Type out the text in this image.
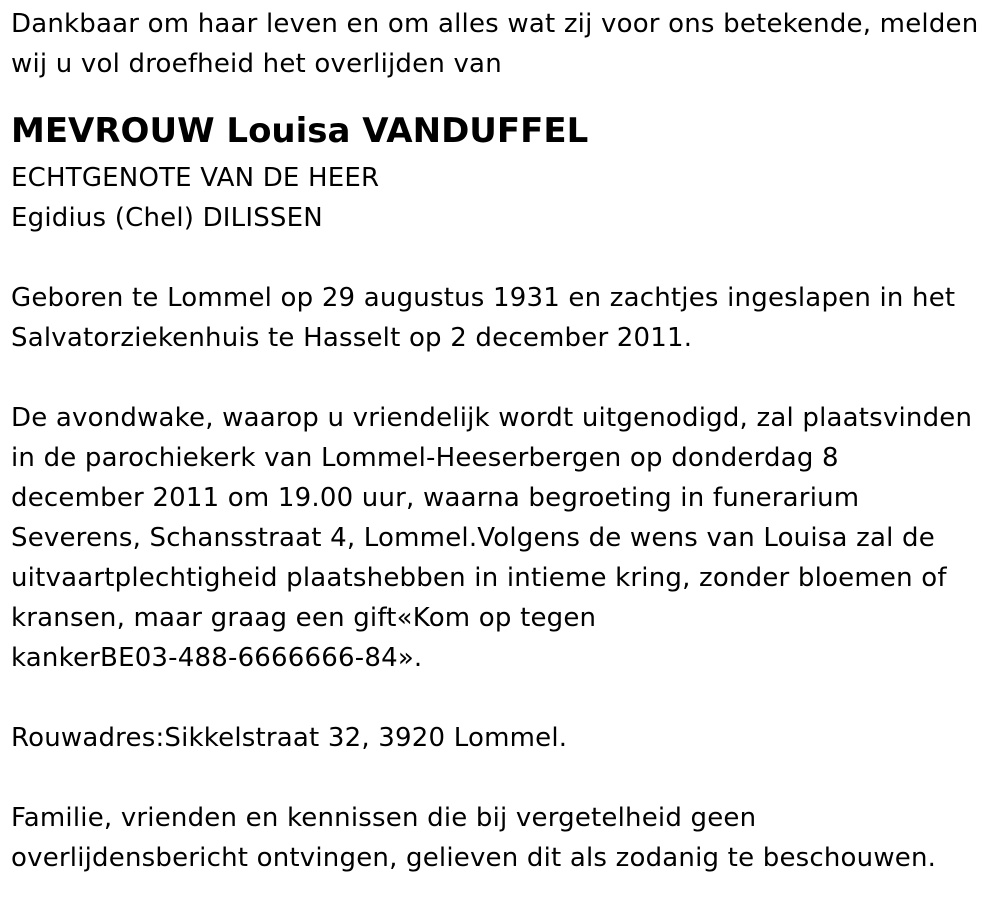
Dankbaar om haar leven en om alles wat zij voor ons betekende, melden
wij u vol droefheid het overlijden van

MEVROUW Louisa VANDUFFEL
ECHTGENOTE VAN DE HEER
Egidius (Chel) DILISSEN

Geboren te Lommel op 29 augustus 1931 en zachtjes ingeslapen in het
Salvatorziekenhuis te Hasselt op 2 december 2011.

De avondwake, waarop u vriendelijk wordt uitgenodigd, zal plaatsvinden
in de parochiekerk van Lommel-Heeserbergen op donderdag 8
december 2011 om 19.00 uur, waarna begroeting in funerarium
Severens, Schansstraat 4, Lommel.Volgens de wens van Louisa zal de
uitvaartplechtigheid plaatshebben in intieme kring, zonder bloemen of
kransen, maar graag een gift«Kom op tegen
kankerBE03-488-6666666-84».

Rouwadres:Sikkelstraat 32, 3920 Lommel.

Familie, vrienden en kennissen die bij vergetelheid geen
overlijdensbericht ontvingen, gelieven dit als zodanig te beschouwen.
